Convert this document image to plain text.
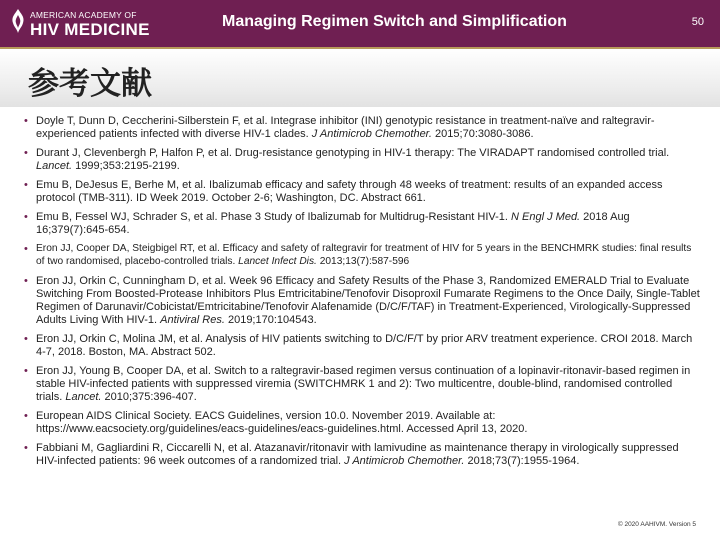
AMERICAN ACADEMY OF
HIV MEDICINE	Managing Regimen Switch and Simplification	50
参考文献
• Doyle T, Dunn D, Ceccherini-Silberstein F, et al. Integrase inhibitor (INI) genotypic resistance in treatment-naïve and raltegravir-experienced patients infected with diverse HIV-1 clades. J Antimicrob Chemother. 2015;70:3080-3086.
• Durant J, Clevenbergh P, Halfon P, et al. Drug-resistance genotyping in HIV-1 therapy: The VIRADAPT randomised controlled trial. Lancet. 1999;353:2195-2199.
• Emu B, DeJesus E, Berhe M, et al. Ibalizumab efficacy and safety through 48 weeks of treatment: results of an expanded access protocol (TMB-311). ID Week 2019. October 2-6; Washington, DC. Abstract 661.
• Emu B, Fessel WJ, Schrader S, et al. Phase 3 Study of Ibalizumab for Multidrug-Resistant HIV-1. N Engl J Med. 2018 Aug 16;379(7):645-654.
• Eron JJ, Cooper DA, Steigbigel RT, et al. Efficacy and safety of raltegravir for treatment of HIV for 5 years in the BENCHMRK studies: final results of two randomised, placebo-controlled trials. Lancet Infect Dis. 2013;13(7):587-596
• Eron JJ, Orkin C, Cunningham D, et al. Week 96 Efficacy and Safety Results of the Phase 3, Randomized EMERALD Trial to Evaluate Switching From Boosted-Protease Inhibitors Plus Emtricitabine/Tenofovir Disoproxil Fumarate Regimens to the Once Daily, Single-Tablet Regimen of Darunavir/Cobicistat/Emtricitabine/Tenofovir Alafenamide (D/C/F/TAF) in Treatment-Experienced, Virologically-Suppressed Adults Living With HIV-1. Antiviral Res. 2019;170:104543.
• Eron JJ, Orkin C, Molina JM, et al. Analysis of HIV patients switching to D/C/F/T by prior ARV treatment experience. CROI 2018. March 4-7, 2018. Boston, MA. Abstract 502.
• Eron JJ, Young B, Cooper DA, et al. Switch to a raltegravir-based regimen versus continuation of a lopinavir-ritonavir-based regimen in stable HIV-infected patients with suppressed viremia (SWITCHMRK 1 and 2): Two multicentre, double-blind, randomised controlled trials. Lancet. 2010;375:396-407.
• European AIDS Clinical Society. EACS Guidelines, version 10.0. November 2019. Available at: https://www.eacsociety.org/guidelines/eacs-guidelines/eacs-guidelines.html. Accessed April 13, 2020.
• Fabbiani M, Gagliardini R, Ciccarelli N, et al. Atazanavir/ritonavir with lamivudine as maintenance therapy in virologically suppressed HIV-infected patients: 96 week outcomes of a randomized trial. J Antimicrob Chemother. 2018;73(7):1955-1964.
© 2020 AAHIVM. Version 5
